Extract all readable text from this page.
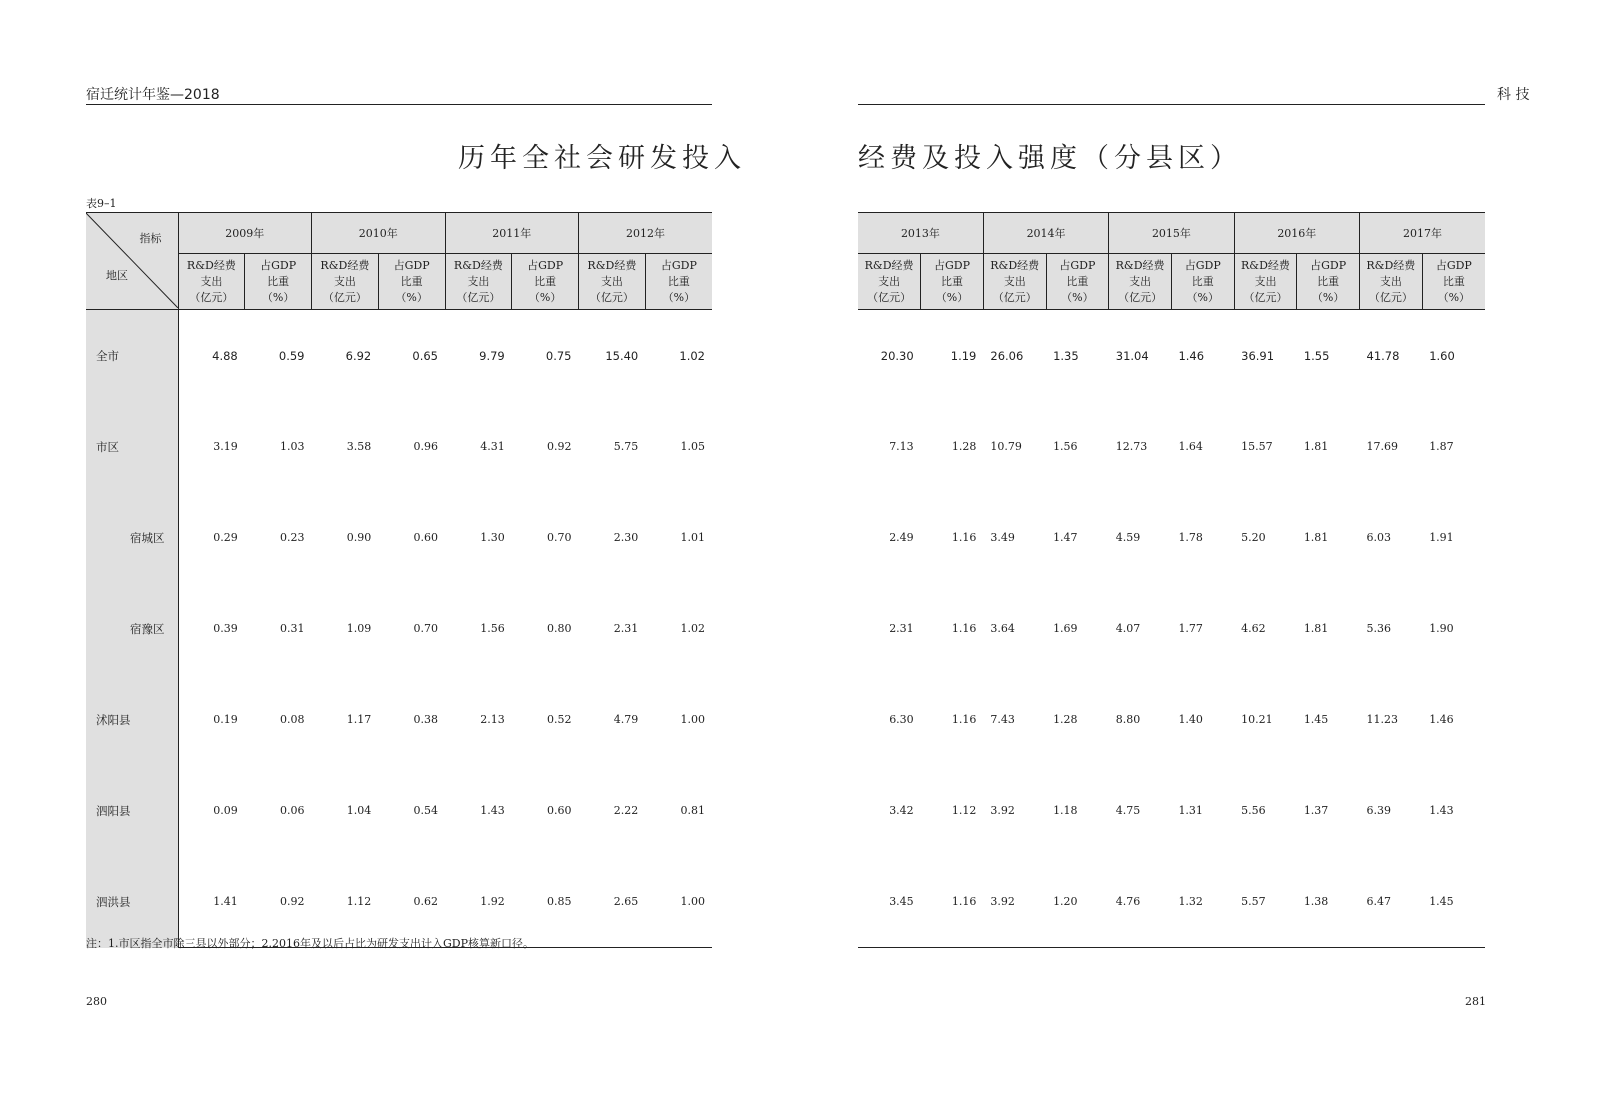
宿迁统计年鉴—2018	科 技
历年全社会研发投入	经费及投入强度（分县区）
表9–1
指标
地区	2009年		2010年		2011年		2012年	
	R&D经费
支出
（亿元）	占GDP
比重
（%）	R&D经费
支出
（亿元）	占GDP
比重
（%）	R&D经费
支出
（亿元）	占GDP
比重
（%）	R&D经费
支出
（亿元）	占GDP
比重
（%）
全市	4.88	0.59	6.92	0.65	9.79	0.75	15.40	1.02
市区	3.19	1.03	3.58	0.96	4.31	0.92	5.75	1.05
宿城区	0.29	0.23	0.90	0.60	1.30	0.70	2.30	1.01
宿豫区	0.39	0.31	1.09	0.70	1.56	0.80	2.31	1.02
沭阳县	0.19	0.08	1.17	0.38	2.13	0.52	4.79	1.00
泗阳县	0.09	0.06	1.04	0.54	1.43	0.60	2.22	0.81
泗洪县	1.41	0.92	1.12	0.62	1.92	0.85	2.65	1.00
2013年		2014年		2015年		2016年		2017年	
R&D经费
支出
（亿元）	占GDP
比重
（%）	R&D经费
支出
（亿元）	占GDP
比重
（%）	R&D经费
支出
（亿元）	占GDP
比重
（%）	R&D经费
支出
（亿元）	占GDP
比重
（%）	R&D经费
支出
（亿元）	占GDP
比重
（%）
20.30	1.19	26.06	1.35	31.04	1.46	36.91	1.55	41.78	1.60
7.13	1.28	10.79	1.56	12.73	1.64	15.57	1.81	17.69	1.87
2.49	1.16	3.49	1.47	4.59	1.78	5.20	1.81	6.03	1.91
2.31	1.16	3.64	1.69	4.07	1.77	4.62	1.81	5.36	1.90
6.30	1.16	7.43	1.28	8.80	1.40	10.21	1.45	11.23	1.46
3.42	1.12	3.92	1.18	4.75	1.31	5.56	1.37	6.39	1.43
3.45	1.16	3.92	1.20	4.76	1.32	5.57	1.38	6.47	1.45
注：1.市区指全市除三县以外部分；2.2016年及以后占比为研发支出计入GDP核算新口径。
280	281
